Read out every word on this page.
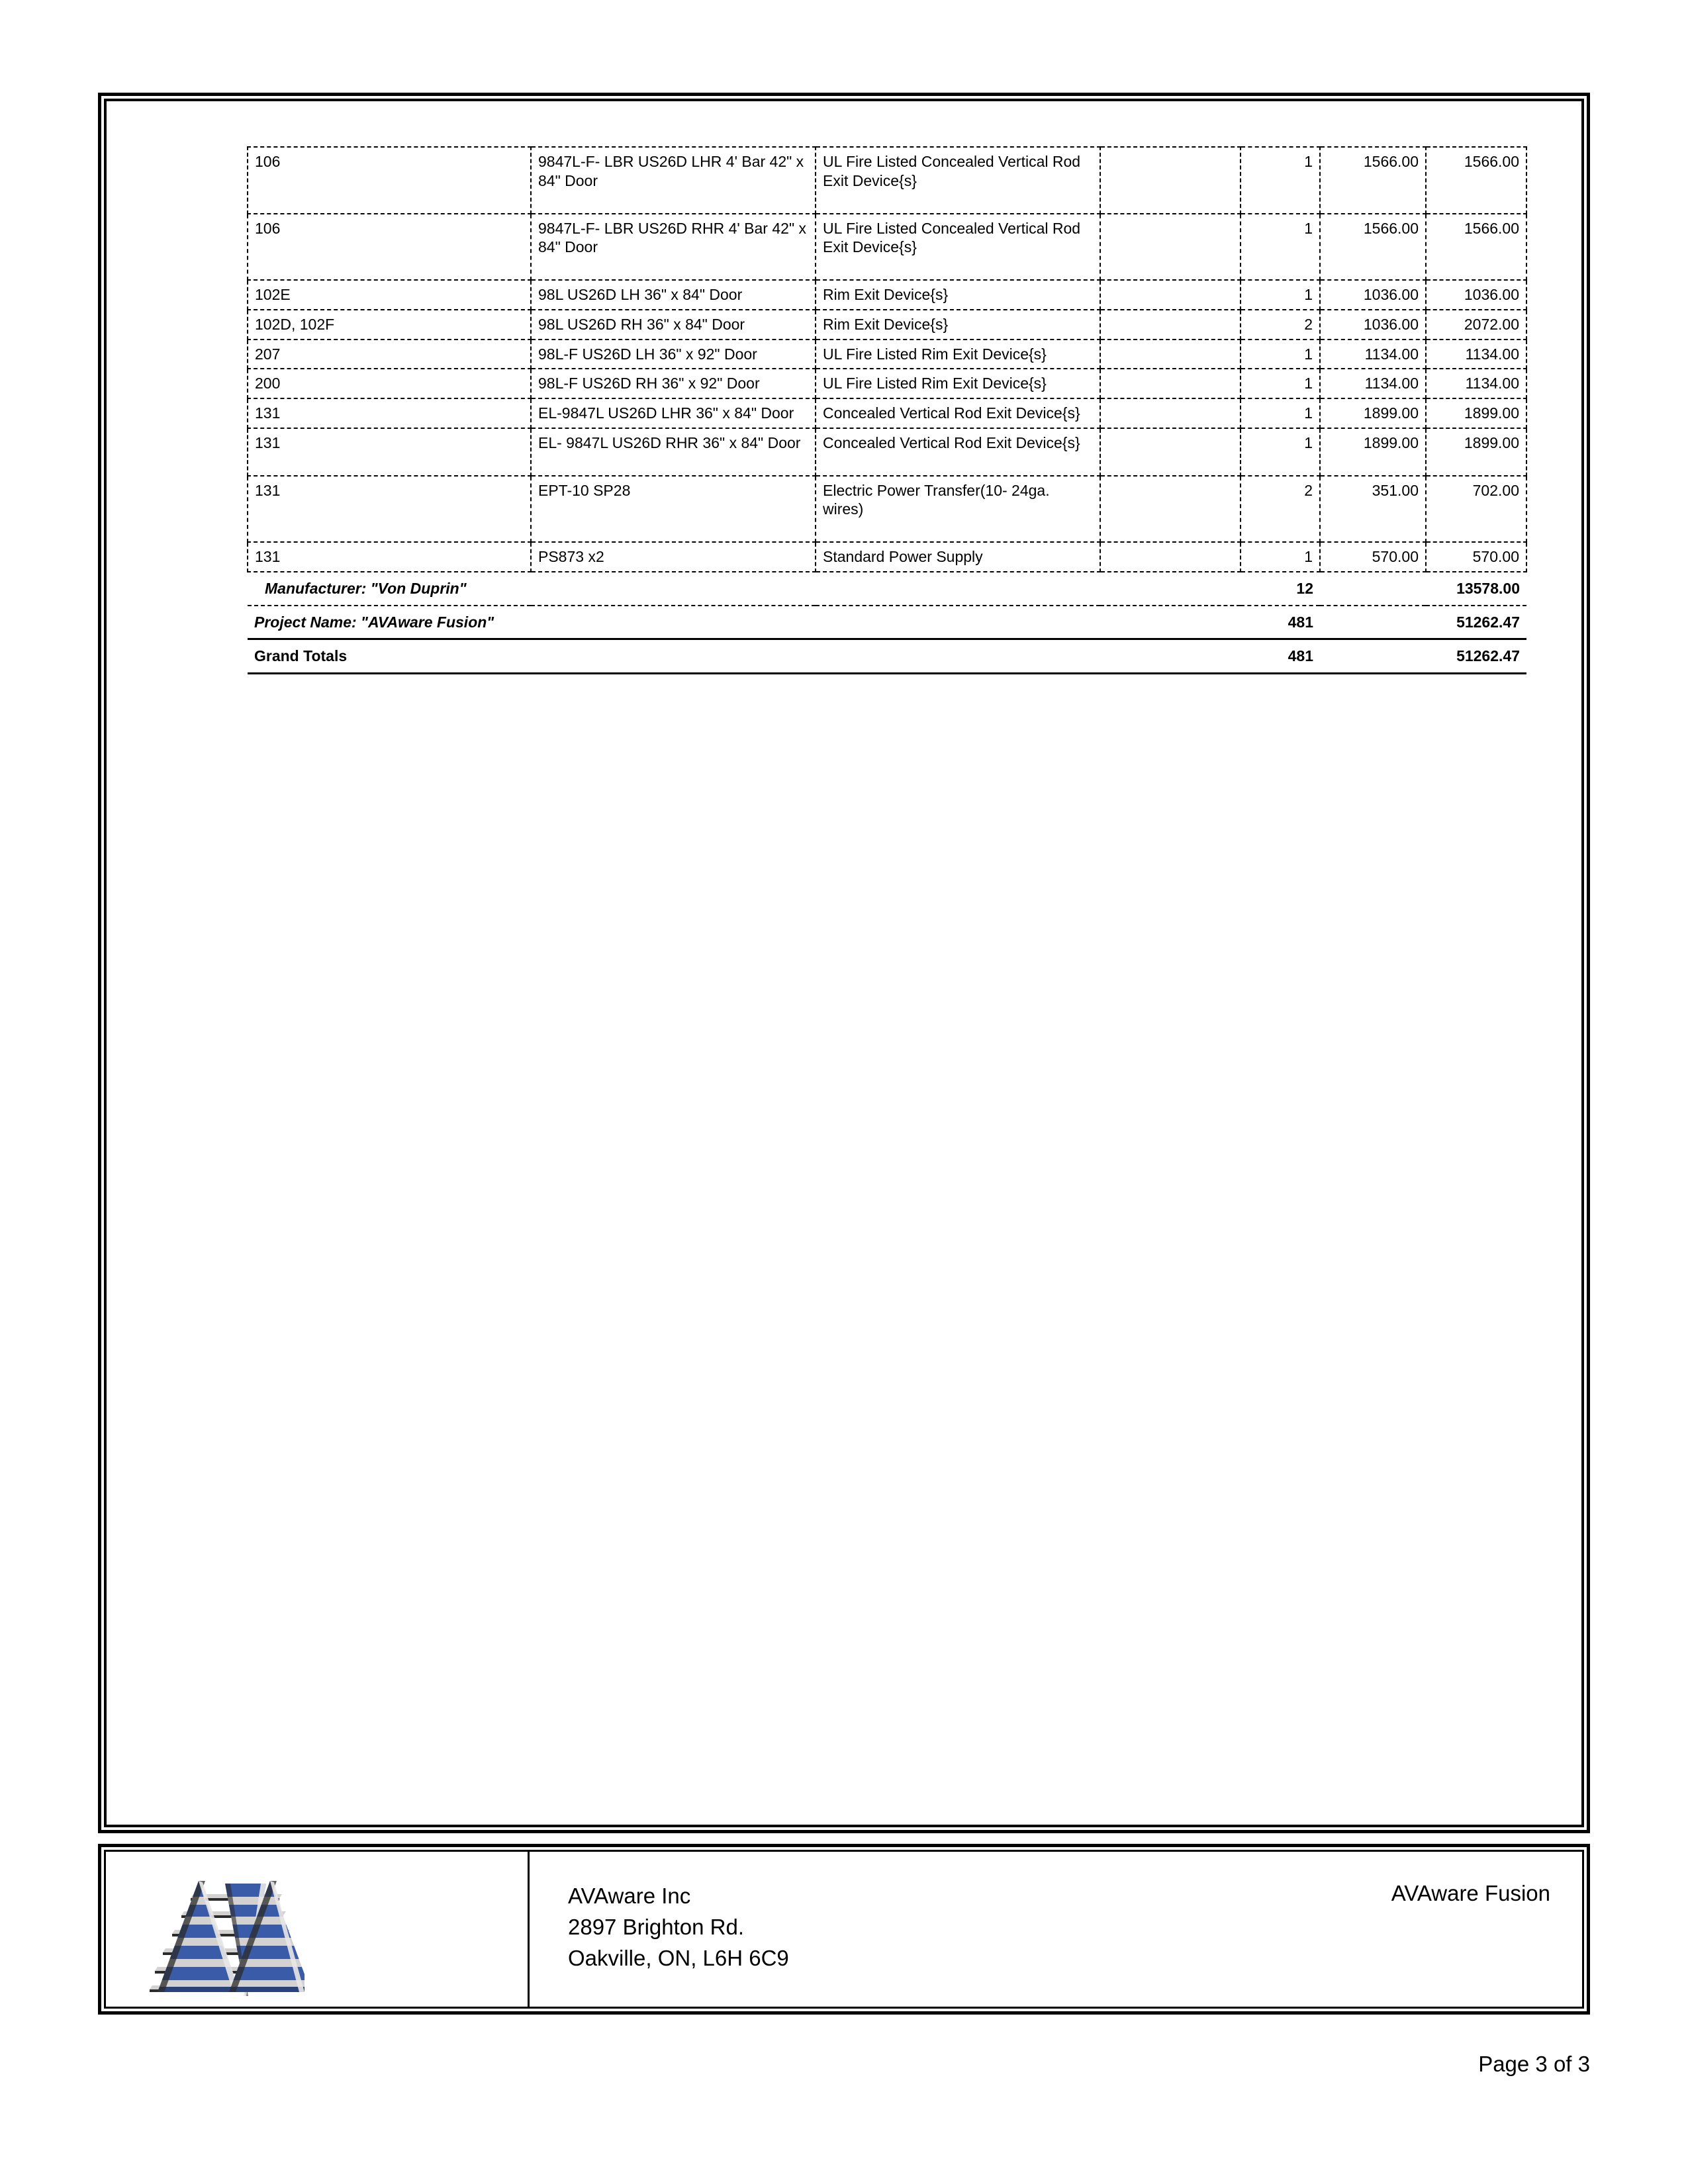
106	9847L-F- LBR US26D LHR 4' Bar 42" x 84" Door	UL Fire Listed Concealed Vertical Rod Exit Device{s}		1	1566.00	1566.00
106	9847L-F- LBR US26D RHR 4' Bar 42" x 84" Door	UL Fire Listed Concealed Vertical Rod Exit Device{s}		1	1566.00	1566.00
102E	98L US26D LH 36" x 84" Door	Rim Exit Device{s}		1	1036.00	1036.00
102D, 102F	98L US26D RH 36" x 84" Door	Rim Exit Device{s}		2	1036.00	2072.00
207	98L-F US26D LH 36" x 92" Door	UL Fire Listed Rim Exit Device{s}		1	1134.00	1134.00
200	98L-F US26D RH 36" x 92" Door	UL Fire Listed Rim Exit Device{s}		1	1134.00	1134.00
131	EL-9847L US26D LHR 36" x 84" Door	Concealed Vertical Rod Exit Device{s}		1	1899.00	1899.00
131	EL- 9847L US26D RHR 36" x 84" Door	Concealed Vertical Rod Exit Device{s}		1	1899.00	1899.00
131	EPT-10 SP28	Electric Power Transfer(10- 24ga. wires)		2	351.00	702.00
131	PS873 x2	Standard Power Supply		1	570.00	570.00
Manufacturer: "Von Duprin"				12		13578.00
Project Name: "AVAware Fusion"				481		51262.47
Grand Totals				481		51262.47
AVAware Inc
2897 Brighton Rd.
Oakville, ON, L6H 6C9
AVAware Fusion
Page 3 of 3
